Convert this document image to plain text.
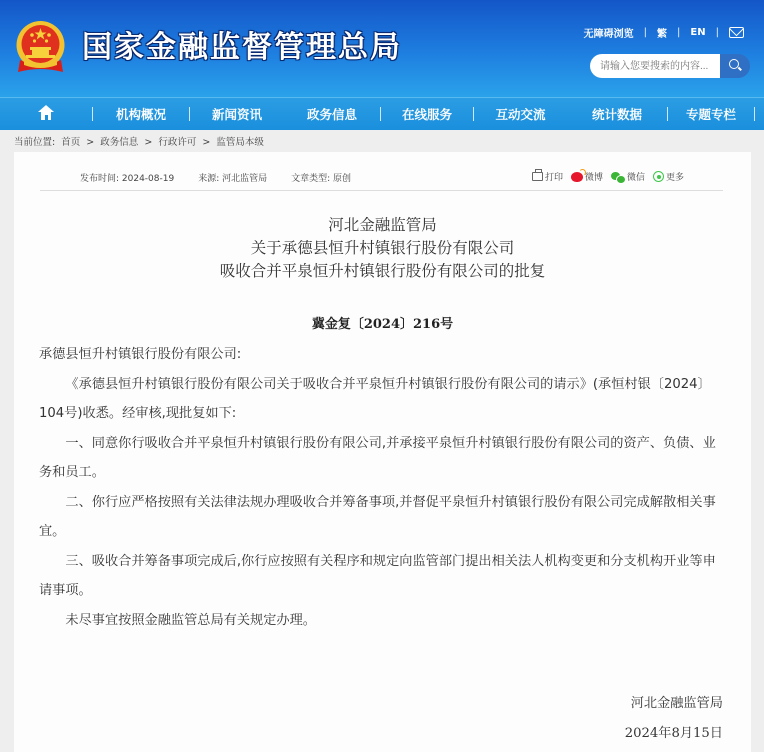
国家金融监督管理总局	无障碍浏览 | 繁 | EN |
请输入您要搜索的内容...
机构概况	新闻资讯	政务信息	在线服务	互动交流	统计数据	专题专栏
当前位置: 首页 > 政务信息 > 行政许可 > 监管局本级
发布时间: 2024-08-19	来源: 河北监管局	文章类型: 原创	打印 微博	微信 更多
河北金融监管局
关于承德县恒升村镇银行股份有限公司
吸收合并平泉恒升村镇银行股份有限公司的批复
冀金复〔2024〕216号

承德县恒升村镇银行股份有限公司:

《承德县恒升村镇银行股份有限公司关于吸收合并平泉恒升村镇银行股份有限公司的请示》(承恒村银〔2024〕104号)收悉。经审核,现批复如下:

一、同意你行吸收合并平泉恒升村镇银行股份有限公司,并承接平泉恒升村镇银行股份有限公司的资产、负债、业务和员工。

二、你行应严格按照有关法律法规办理吸收合并筹备事项,并督促平泉恒升村镇银行股份有限公司完成解散相关事宜。

三、吸收合并筹备事项完成后,你行应按照有关程序和规定向监管部门提出相关法人机构变更和分支机构开业等申请事项。

未尽事宜按照金融监管总局有关规定办理。

河北金融监管局
2024年8月15日
